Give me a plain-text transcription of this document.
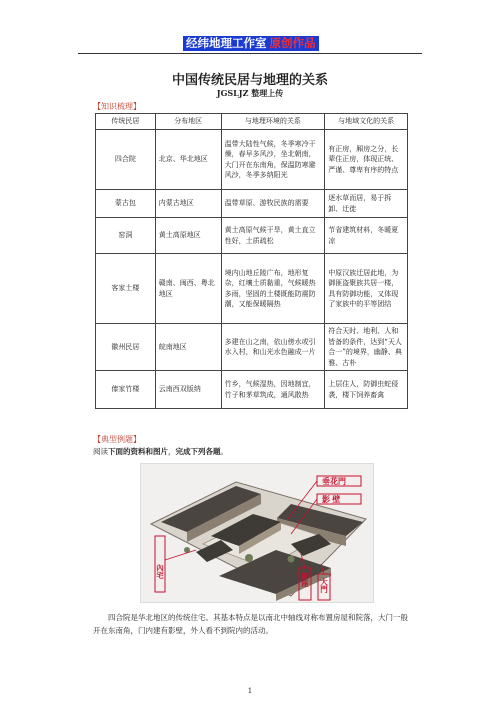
经纬地理工作室 原创作品
中国传统民居与地理的关系
JGSLJZ 整理上传
【知识梳理】
传统民居	分布地区	与地理环境的关系	与地域文化的关系
四合院	北京、华北地区	温带大陆性气候，冬季寒冷干燥，春早多风沙，坐北朝南，大门开在东南角，保温防寒避风沙，冬季多纳阳光	有正房，厢房之分，长辈住正房，体现正统、严谨、尊卑有序的特点
蒙古包	内蒙古地区	温带草原、游牧民族的需要	逐水草而居，易于拆卸、迁徙
窑洞	黄土高原地区	黄土高原气候干旱，黄土直立性好，土质疏松	节省建筑材料，冬暖夏凉
客家土楼	赣南、闽西、粤北地区	境内山地丘陵广布，地形复杂，红壤土质黏重，气候暖热多雨，坚固的土楼既能防震防潮，又能保暖隔热	中原汉族迁居此地，为御匪盗聚族共居一楼，具有防御功能，又体现了家族中的平等团结
徽州民居	皖南地区	多建在山之南，依山傍水或引水入村，和山光水色融成一片	符合天时、地利、人和皆备的条件，达到“天人合一”的境界，幽静、典雅、古朴
傣家竹楼	云南西双版纳	竹乡，气候湿热，因地制宜，竹子和茅草筑成，通风散热	上层住人，防御虫蛇侵袭，楼下饲养畜禽
【典型例题】
阅读下面的资料和图片，完成下列各题。
垂花門
影 壁
內宅
倒座 大門
四合院是华北地区的传统住宅。其基本特点是以南北中轴线对称布置房屋和院落，大门一般开在东南角，门内建有影壁，外人看不到院内的活动。
1
